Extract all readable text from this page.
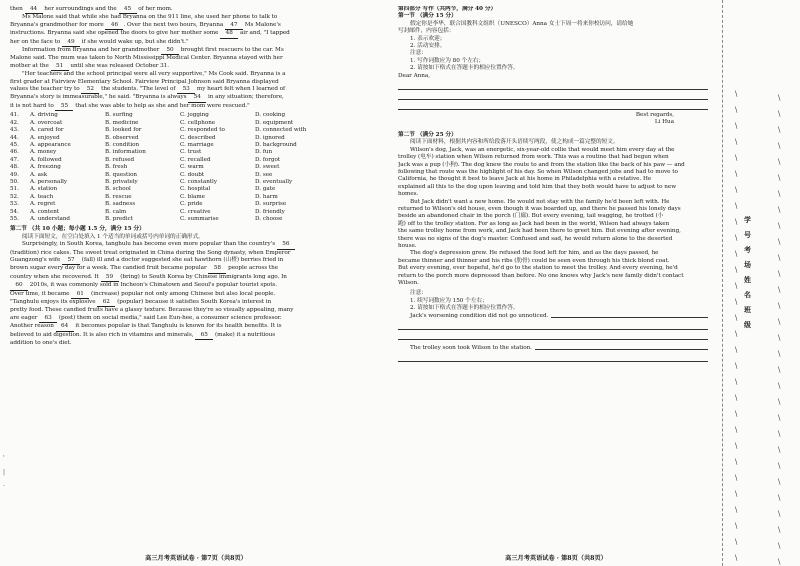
then 44 her surroundings and the 45 of her mom.
Ms Malone said that while she had Bryanna on the 911 line, she used her phone to talk to
Bryanna's grandmother for more 46 . Over the next two hours, Bryanna 47 Ms Malone's
instructions. Bryanna said she opened the doors to give her mother some 48 air and, "I tapped
her on the face to 49 if she would wake up, but she didn't."
Information from Bryanna and her grandmother 50 brought first rescuers to the car. Ms
Malone said. The mum was taken to North Mississippi Medical Center. Bryanna stayed with her
mother at the 51 until she was released October 31.
"Her teachers and the school principal were all very supportive," Ms Cook said. Bryanna is a
first grader at Fairview Elementary School. Fairview Principal Johnson said Bryanna displayed
values the teacher try to 52 the students. "The level of 53 my heart felt when I learned of
Bryanna's story is immeasurable," he said. "Bryanna is always 54 in any situation; therefore,
it is not hard to 55 that she was able to help as she and her mom were rescued."
41.	A. driving	B. surfing	C. jogging	D. cooking
42.	A. overcoat	B. medicine	C. cellphone	D. equipment
43.	A. cared for	B. looked for	C. responded to	D. connected with
44.	A. enjoyed	B. observed	C. described	D. ignored
45.	A. appearance	B. condition	C. marriage	D. background
46.	A. money	B. information	C. trust	D. fun
47.	A. followed	B. refused	C. recalled	D. forgot
48.	A. freezing	B. fresh	C. warm	D. sweet
49.	A. ask	B. question	C. doubt	D. see
50.	A. personally	B. privately	C. constantly	D. eventually
51.	A. station	B. school	C. hospital	D. gate
52.	A. teach	B. rescue	C. blame	D. harm
53.	A. regret	B. sadness	C. pride	D. surprise
54.	A. content	B. calm	C. creative	D. friendly
55.	A. understand	B. predict	C. summarise	D. choose
第二节 （共 10 小题；每小题 1.5 分，满分 15 分）
阅读下面短文，在空白处填入 1 个适当的单词或括号内单词的正确形式。
Surprisingly, in South Korea, tanghulu has become even more popular than the country's 56
(tradition) rice cakes. The sweet treat originated in China during the Song dynasty, when Emperor
Guangzong's wife 57 (fall) ill and a doctor suggested she eat hawthorn (山楂) berries fried in
brown sugar every day for a week. The candied fruit became popular 58 people across the
country when she recovered. It 59 (bring) to South Korea by Chinese immigrants long ago. In
60 2010s, it was commonly sold in Incheon's Chinatown and Seoul's popular tourist spots.
Over time, it became 61 (increase) popular not only among Chinese but also local people.
"Tanghulu enjoys its explosive 62 (popular) because it satisfies South Korea's interest in
pretty food. These candied fruits have a glassy texture. Because they're so visually appealing, many
are eager 63 (post) them on social media," said Lee Eun-hee, a consumer science professor.
Another reason 64 it becomes popular is that Tanghulu is known for its health benefits. It is
believed to aid digestion. It is also rich in vitamins and minerals, 65 (make) it a nutritious
addition to one's diet.
高三月考英语试卷 · 第7页（共8页）
第四部分 写作（共两节，满分 40 分）
第一节 （满分 15 分）
假定你是李华，联合国教科文组织（UNESCO）Anna 女士下周一将来你校访问，请给她
写封邮件，内容包括：
1. 表示欢迎；
2. 活动安排。
注意：
1. 写作词数应为 80 个左右；
2. 请按如下格式在答题卡的相应位置作答。
Dear Anna,
Best regards,
Li Hua
第二节 （满分 25 分）
阅读下面材料，根据其内容和所给段落开头语续写两段，使之构成一篇完整的短文。
Wilson's dog, Jack, was an energetic, six-year-old collie that would meet him every day at the
trolley (电车) station when Wilson returned from work. This was a routine that had begun when
Jack was a pup (小狗). The dog knew the route to and from the station like the back of his paw — and
following that route was the highlight of his day. So when Wilson changed jobs and had to move to
California, he thought it best to leave Jack at his home in Philadelphia with a relative. He
explained all this to the dog upon leaving and told him that they both would have to adjust to new
homes.
But Jack didn't want a new home. He would not stay with the family he'd been left with. He
returned to Wilson's old house, even though it was boarded up, and there he passed his lonely days
beside an abandoned chair in the porch (门廊). But every evening, tail wagging, he trotted (小
跑) off to the trolley station. For as long as Jack had been in the world, Wilson had always taken
the same trolley home from work, and Jack had been there to greet him. But evening after evening,
there was no signs of the dog's master. Confused and sad, he would return alone to the deserted
house.
The dog's depression grew. He refused the food left for him, and as the days passed, he
became thinner and thinner and his ribs (肋骨) could be seen even through his thick blond coat.
But every evening, ever hopeful, he'd go to the station to meet the trolley. And every evening, he'd
return to the porch more depressed than before. No one knows why Jack's new family didn't contact
Wilson.
注意：
1. 续写词数应为 150 个左右；
2. 请按如下格式在答题卡的相应位置作答。
Jack's worsening condition did not go unnoticed.
The trolley soon took Wilson to the station.
高三月考英语试卷 · 第8页（共8页）
\	\
\	\
\	\
\	\
\	\
\	\
\	\
\	\
\	\
\	\
\	\
\	\
\	\
\	\
\	\
\	\
\	\
\	\
\	\
\	\
\	\
\	\
\	\
\	\
\	\
\	\
\	\
\	\
\	\
\	\
学
号
考
场
姓
名
班
级
'
|
·
